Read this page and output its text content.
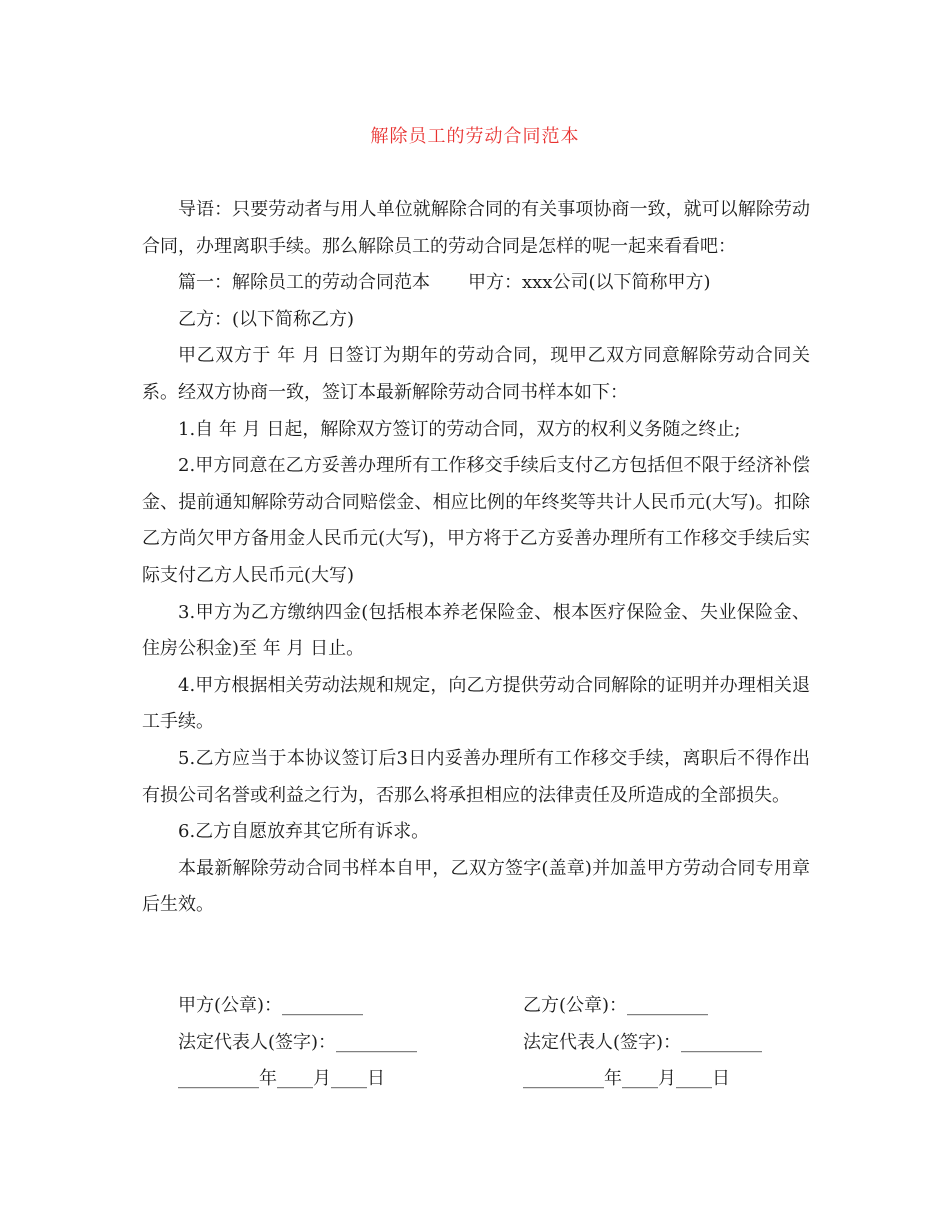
解除员工的劳动合同范本

导语：只要劳动者与用人单位就解除合同的有关事项协商一致，就可以解除劳动合同，办理离职手续。那么解除员工的劳动合同是怎样的呢一起来看看吧：

篇一：解除员工的劳动合同范本 甲方：xxx公司(以下简称甲方)

乙方：(以下简称乙方)

甲乙双方于 年 月 日签订为期年的劳动合同，现甲乙双方同意解除劳动合同关系。经双方协商一致，签订本最新解除劳动合同书样本如下：

1.自 年 月 日起，解除双方签订的劳动合同，双方的权利义务随之终止;

2.甲方同意在乙方妥善办理所有工作移交手续后支付乙方包括但不限于经济补偿金、提前通知解除劳动合同赔偿金、相应比例的年终奖等共计人民币元(大写)。扣除乙方尚欠甲方备用金人民币元(大写)，甲方将于乙方妥善办理所有工作移交手续后实际支付乙方人民币元(大写)

3.甲方为乙方缴纳四金(包括根本养老保险金、根本医疗保险金、失业保险金、住房公积金)至 年 月 日止。

4.甲方根据相关劳动法规和规定，向乙方提供劳动合同解除的证明并办理相关退工手续。

5.乙方应当于本协议签订后3日内妥善办理所有工作移交手续，离职后不得作出有损公司名誉或利益之行为，否那么将承担相应的法律责任及所造成的全部损失。

6.乙方自愿放弃其它所有诉求。

本最新解除劳动合同书样本自甲，乙双方签字(盖章)并加盖甲方劳动合同专用章后生效。

甲方(公章)：_________
法定代表人(签字)：_________
_________年____月____日
乙方(公章)：_________
法定代表人(签字)：_________
_________年____月____日
